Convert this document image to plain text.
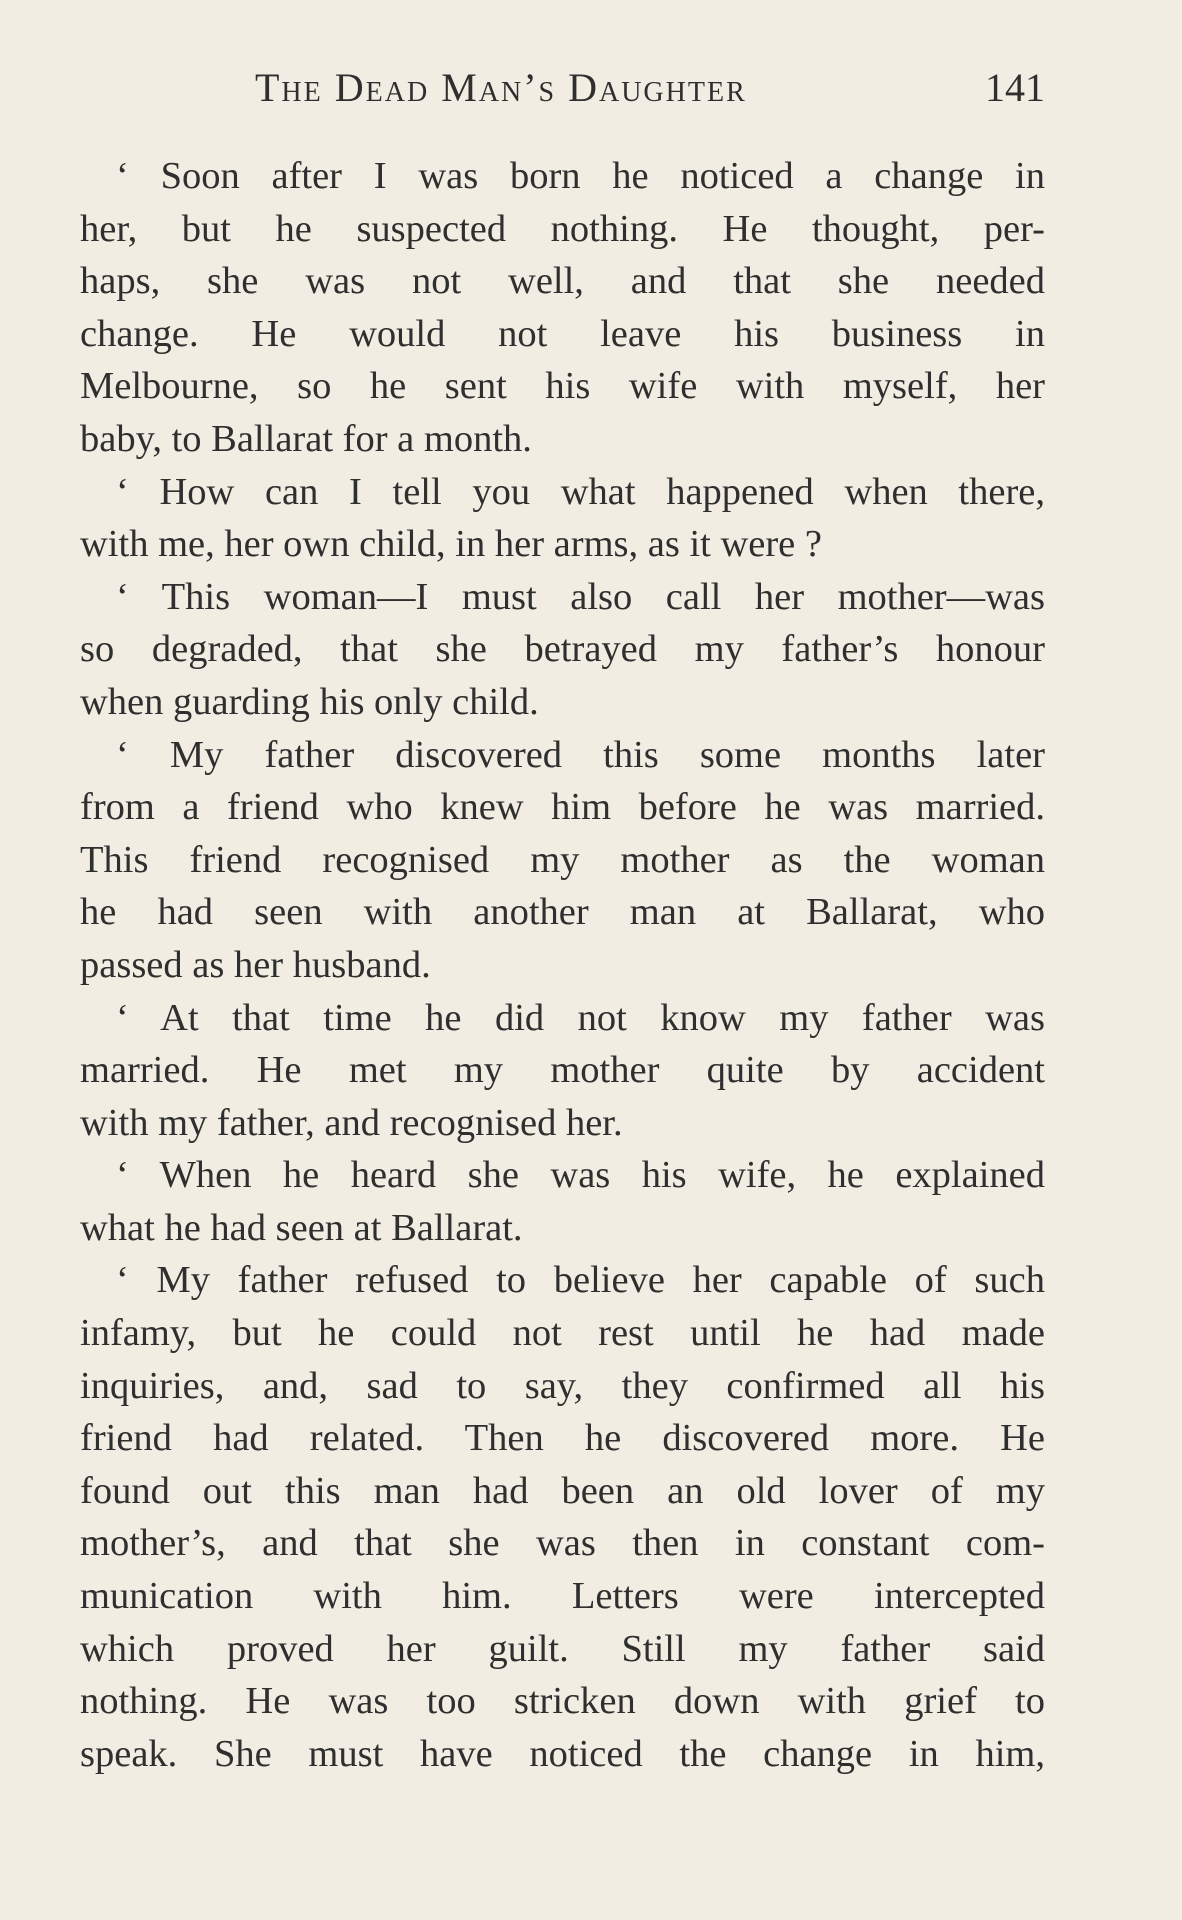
The Dead Man’s Daughter	141
‘ Soon after I was born he noticed a change in
her, but he suspected nothing. He thought, per-
haps, she was not well, and that she needed
change. He would not leave his business in
Melbourne, so he sent his wife with myself, her
baby, to Ballarat for a month.
‘ How can I tell you what happened when there,
with me, her own child, in her arms, as it were ?
‘ This woman—I must also call her mother—was
so degraded, that she betrayed my father’s honour
when guarding his only child.
‘ My father discovered this some months later
from a friend who knew him before he was married.
This friend recognised my mother as the woman
he had seen with another man at Ballarat, who
passed as her husband.
‘ At that time he did not know my father was
married. He met my mother quite by accident
with my father, and recognised her.
‘ When he heard she was his wife, he explained
what he had seen at Ballarat.
‘ My father refused to believe her capable of such
infamy, but he could not rest until he had made
inquiries, and, sad to say, they confirmed all his
friend had related. Then he discovered more. He
found out this man had been an old lover of my
mother’s, and that she was then in constant com-
munication with him. Letters were intercepted
which proved her guilt. Still my father said
nothing. He was too stricken down with grief to
speak. She must have noticed the change in him,
